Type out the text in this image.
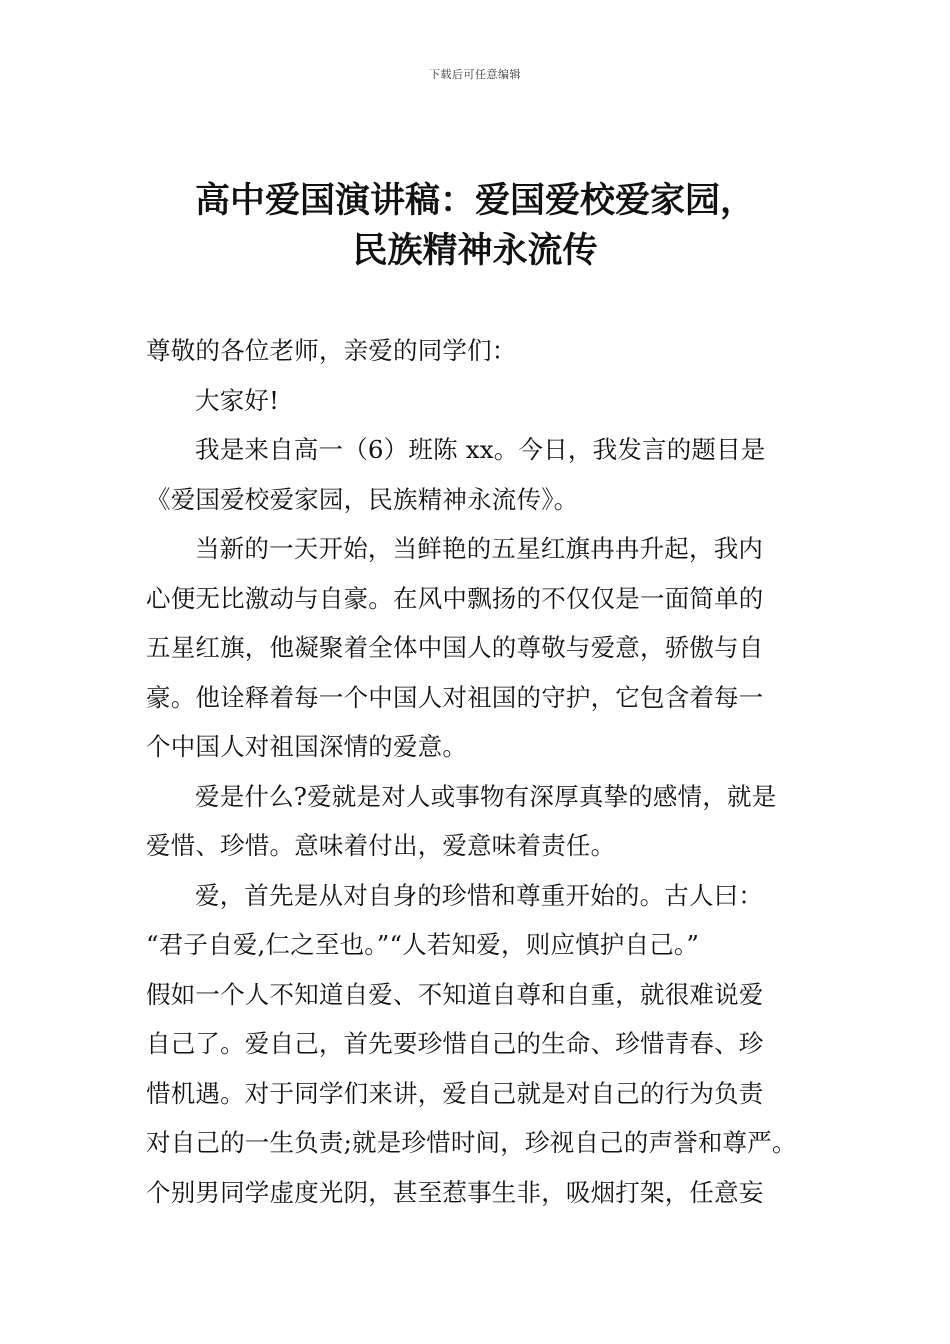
下载后可任意编辑
高中爱国演讲稿：爱国爱校爱家园，
民族精神永流传
尊敬的各位老师，亲爱的同学们：
大家好!
我是来自高一（6）班陈 xx。今日，我发言的题目是
《爱国爱校爱家园，民族精神永流传》。
当新的一天开始，当鲜艳的五星红旗冉冉升起，我内
心便无比激动与自豪。在风中飘扬的不仅仅是一面简单的
五星红旗，他凝聚着全体中国人的尊敬与爱意，骄傲与自
豪。他诠释着每一个中国人对祖国的守护，它包含着每一
个中国人对祖国深情的爱意。
爱是什么?爱就是对人或事物有深厚真挚的感情，就是
爱惜、珍惜。意味着付出，爱意味着责任。
爱，首先是从对自身的珍惜和尊重开始的。古人曰：
“君子自爱,仁之至也。”“人若知爱，则应慎护自己。”
假如一个人不知道自爱、不知道自尊和自重，就很难说爱
自己了。爱自己，首先要珍惜自己的生命、珍惜青春、珍
惜机遇。对于同学们来讲，爱自己就是对自己的行为负责
对自己的一生负责;就是珍惜时间，珍视自己的声誉和尊严。
个别男同学虚度光阴，甚至惹事生非，吸烟打架，任意妄
